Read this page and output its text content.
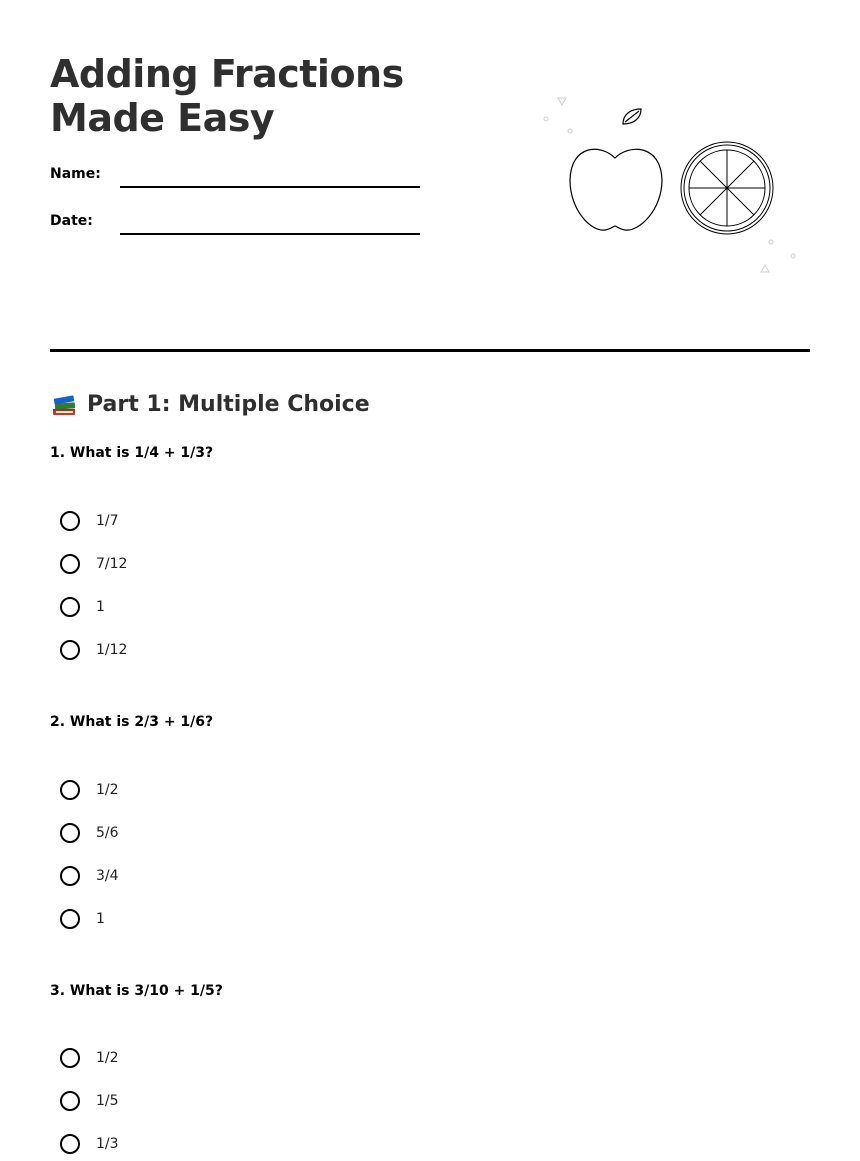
Adding Fractions Made Easy
Name:
Date:
Part 1: Multiple Choice
1. What is 1/4 + 1/3?
1/7
7/12
1
1/12
2. What is 2/3 + 1/6?
1/2
5/6
3/4
1
3. What is 3/10 + 1/5?
1/2
1/5
1/3
